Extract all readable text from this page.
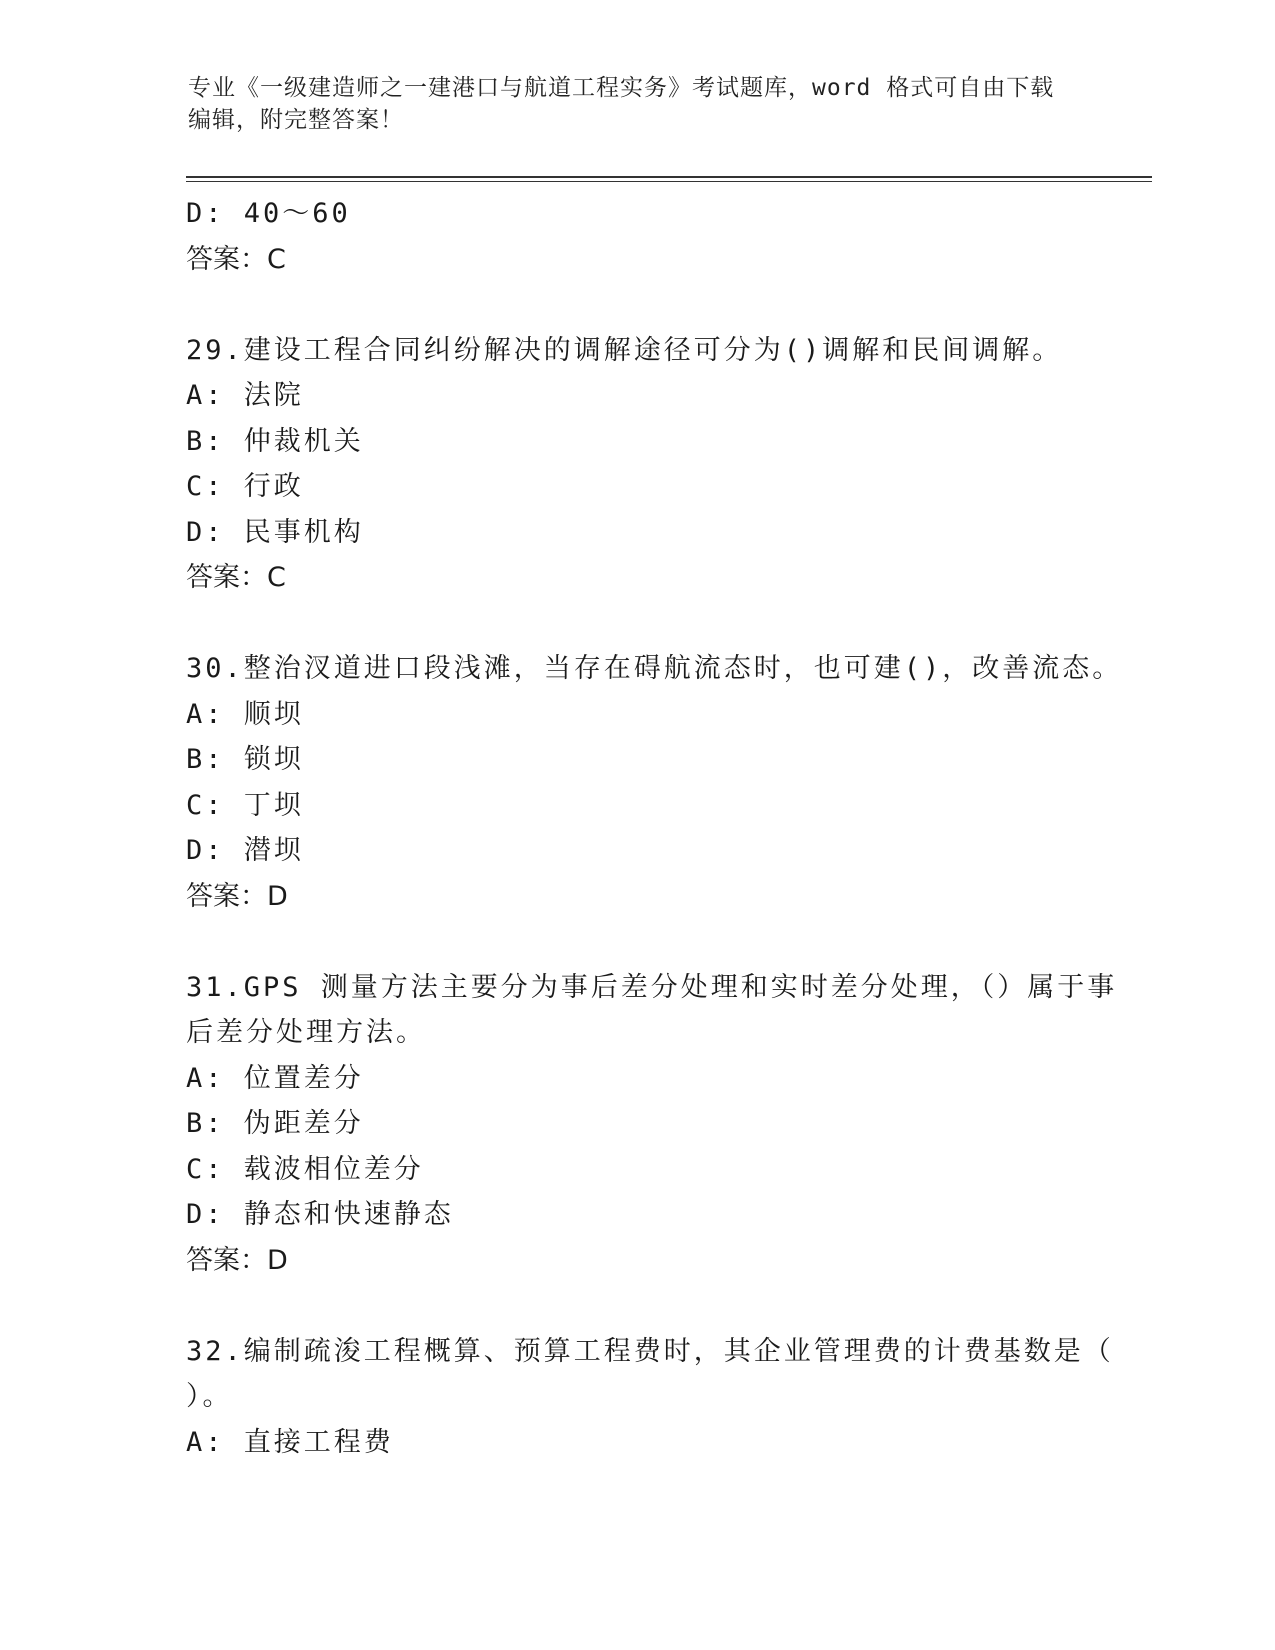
专业《一级建造师之一建港口与航道工程实务》考试题库，word 格式可自由下载
编辑，附完整答案！
D: 40～60
答案：C
29.建设工程合同纠纷解决的调解途径可分为()调解和民间调解。
A: 法院
B: 仲裁机关
C: 行政
D: 民事机构
答案：C
30.整治汊道进口段浅滩，当存在碍航流态时，也可建()，改善流态。
A: 顺坝
B: 锁坝
C: 丁坝
D: 潜坝
答案：D
31.GPS 测量方法主要分为事后差分处理和实时差分处理，（）属于事
后差分处理方法。
A: 位置差分
B: 伪距差分
C: 载波相位差分
D: 静态和快速静态
答案：D
32.编制疏浚工程概算、预算工程费时，其企业管理费的计费基数是（
）。
A: 直接工程费
